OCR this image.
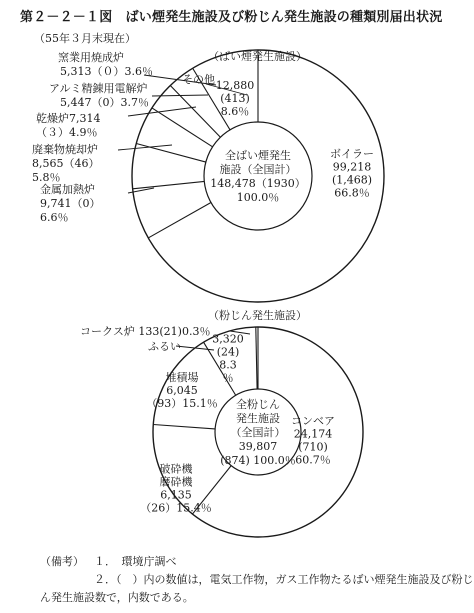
第２－２－１図　ばい煙発生施設及び粉じん発生施設の種類別届出状況
（55年３月末現在）
ボイラー
99,218
(1,468)
66.8％
12,880
(413)
8.6％
全ばい煙発生
施設（全国計）
148,478（1930）
100.0％
コンベア
24,174
(710)
60.7％
破砕機
磨砕機
6,135
（26）15.4％
堆積場
6,045
（93）15.1％
3,320
(24)
8.3
％
全粉じん
発生施設
（全国計）
39,807
(874) 100.0％
（ばい煙発生施設）
窯業用焼成炉
5,313（０）3.6％
アルミ精錬用電解炉
5,447（0）3.7％
乾燥炉7,314
（３）4.9％
廃棄物焼却炉
8,565（46）
5.8％
金属加熱炉
9,741（0）
6.6％
その他
（粉じん発生施設）
コークス炉 133(21)0.3％
ふるい
（備考） １．　環境庁調べ
２．（　）内の数値は，電気工作物，ガス工作物たるばい煙発生施設及び粉じ
ん発生施設数で，内数である。
